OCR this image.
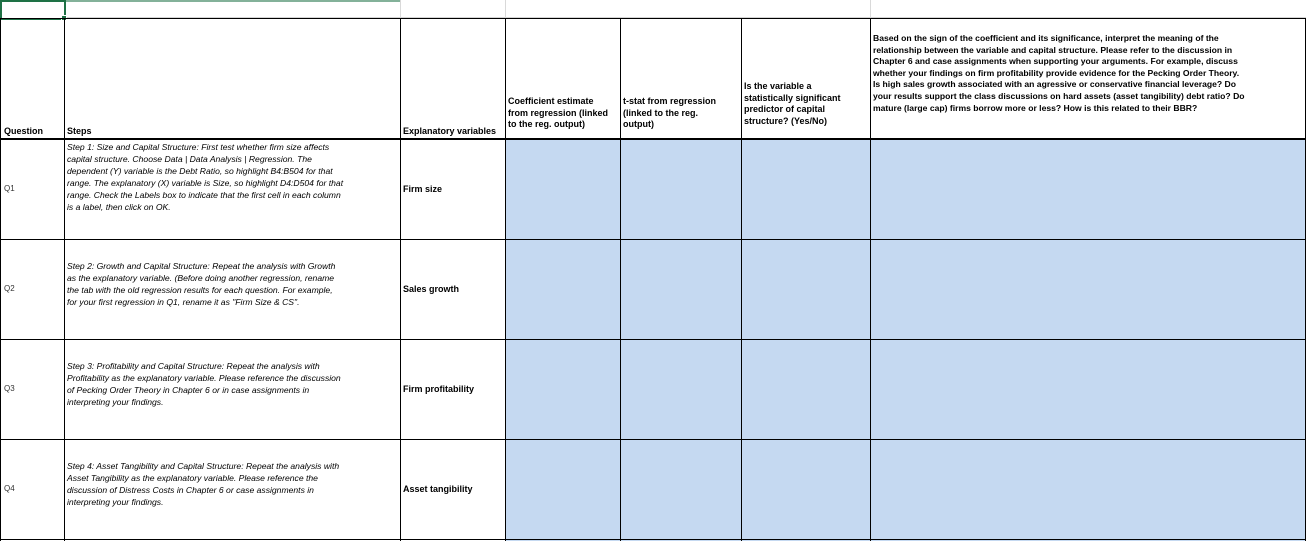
Question	Steps	Explanatory variables
Coefficient estimate
from regression (linked
to the reg. output)
t-stat from regression
(linked to the reg.
output)
Is the variable a
statistically significant
predictor of capital
structure? (Yes/No)
Based on the sign of the coefficient and its significance, interpret the meaning of the
relationship between the variable and capital structure. Please refer to the discussion in
Chapter 6 and case assignments when supporting your arguments. For example, discuss
whether your findings on firm profitability provide evidence for the Pecking Order Theory.
Is high sales growth associated with an agressive or conservative financial leverage? Do
your results support the class discussions on hard assets (asset tangibility) debt ratio? Do
mature (large cap) firms borrow more or less? How is this related to their BBR?
Q1
Step 1: Size and Capital Structure: First test whether firm size affects
capital structure. Choose Data | Data Analysis | Regression. The
dependent (Y) variable is the Debt Ratio, so highlight B4:B504 for that
range. The explanatory (X) variable is Size, so highlight D4:D504 for that
range. Check the Labels box to indicate that the first cell in each column
is a label, then click on OK.
Firm size
Q2
Step 2: Growth and Capital Structure: Repeat the analysis with Growth
as the explanatory variable. (Before doing another regression, rename
the tab with the old regression results for each question. For example,
for your first regression in Q1, rename it as "Firm Size & CS".
Sales growth
Q3
Step 3: Profitability and Capital Structure: Repeat the analysis with
Profitability as the explanatory variable. Please reference the discussion
of Pecking Order Theory in Chapter 6 or in case assignments in
interpreting your findings.
Firm profitability
Q4
Step 4: Asset Tangibility and Capital Structure: Repeat the analysis with
Asset Tangibility as the explanatory variable. Please reference the
discussion of Distress Costs in Chapter 6 or case assignments in
interpreting your findings.
Asset tangibility
